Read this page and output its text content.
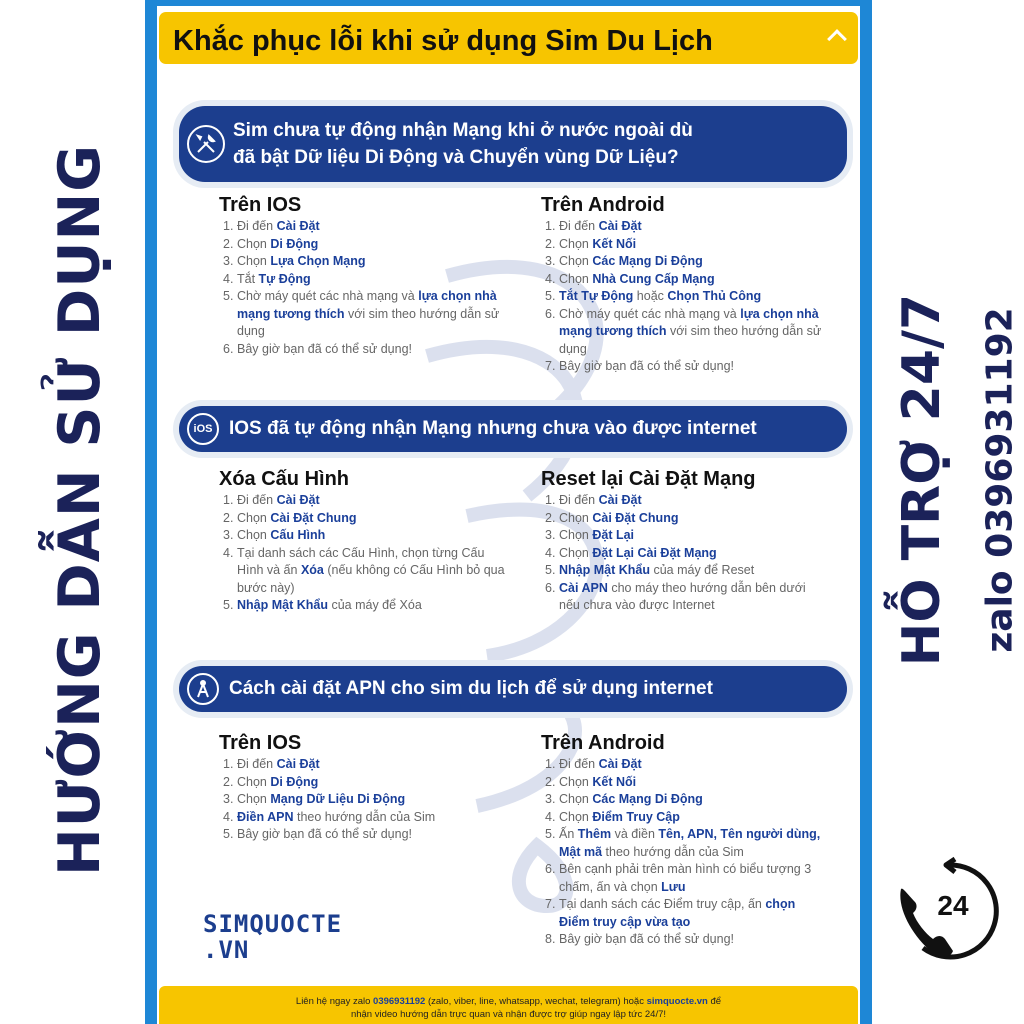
HƯỚNG DẪN SỬ DỤNG	HỖ TRỢ 24/7 zalo 0396931192
24
Khắc phục lỗi khi sử dụng Sim Du Lịch
Sim chưa tự động nhận Mạng khi ở nước ngoài dù
đã bật Dữ liệu Di Động và Chuyển vùng Dữ Liệu?
Trên IOS
1. Đi đến Cài Đặt
2. Chọn Di Động
3. Chọn Lựa Chọn Mạng
4. Tắt Tự Động
5. Chờ máy quét các nhà mạng và lựa chọn nhà mạng tương thích với sim theo hướng dẫn sử dụng
6. Bây giờ bạn đã có thể sử dụng!
Trên Android
1. Đi đến Cài Đặt
2. Chọn Kết Nối
3. Chọn Các Mạng Di Động
4. Chọn Nhà Cung Cấp Mạng
5. Tắt Tự Động hoặc Chọn Thủ Công
6. Chờ máy quét các nhà mạng và lựa chọn nhà mạng tương thích với sim theo hướng dẫn sử dụng
7. Bây giờ bạn đã có thể sử dụng!
iOS IOS đã tự động nhận Mạng nhưng chưa vào được internet
Xóa Cấu Hình
1. Đi đến Cài Đặt
2. Chọn Cài Đặt Chung
3. Chọn Cấu Hình
4. Tại danh sách các Cấu Hình, chọn từng Cấu Hình và ấn Xóa (nếu không có Cấu Hình bỏ qua bước này)
5. Nhập Mật Khẩu của máy để Xóa
Reset lại Cài Đặt Mạng
1. Đi đến Cài Đặt
2. Chọn Cài Đặt Chung
3. Chọn Đặt Lại
4. Chọn Đặt Lại Cài Đặt Mạng
5. Nhập Mật Khẩu của máy để Reset
6. Cài APN cho máy theo hướng dẫn bên dưới nếu chưa vào được Internet
Cách cài đặt APN cho sim du lịch để sử dụng internet
Trên IOS
1. Đi đến Cài Đặt
2. Chọn Di Động
3. Chọn Mạng Dữ Liệu Di Động
4. Điền APN theo hướng dẫn của Sim
5. Bây giờ bạn đã có thể sử dụng!
Trên Android
1. Đi đến Cài Đặt
2. Chọn Kết Nối
3. Chọn Các Mạng Di Động
4. Chọn Điểm Truy Cập
5. Ấn Thêm và điền Tên, APN, Tên người dùng, Mật mã theo hướng dẫn của Sim
6. Bên cạnh phải trên màn hình có biểu tượng 3 chấm, ấn và chọn Lưu
7. Tại danh sách các Điểm truy cập, ấn chọn Điểm truy cập vừa tạo
8. Bây giờ bạn đã có thể sử dụng!
SIMQUOCTE
.VN
Liên hệ ngay zalo 0396931192 (zalo, viber, line, whatsapp, wechat, telegram) hoặc simquocte.vn để
nhận video hướng dẫn trực quan và nhận được trợ giúp ngay lập tức 24/7!
